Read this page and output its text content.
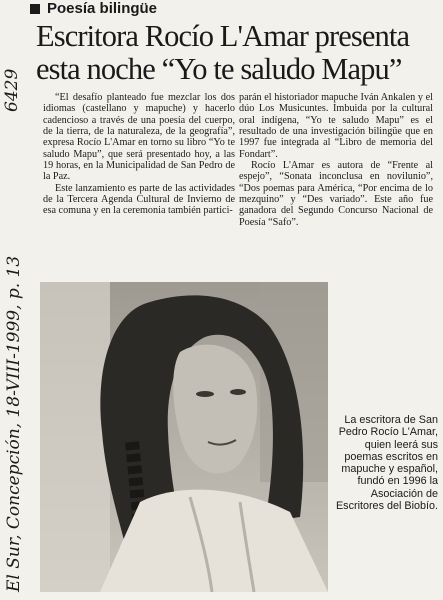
Poesía bilingüe
Escritora Rocío L'Amar presenta esta noche “Yo te saludo Mapu”

“El desafío planteado fue mezclar los dos idiomas (castellano y mapuche) y hacerlo cadencioso a través de una poesía del cuerpo, de la tierra, de la naturaleza, de la geografía”, expresa Rocío L'Amar en torno su libro “Yo te saludo Mapu”, que será presentado hoy, a las 19 horas, en la Municipalidad de San Pedro de la Paz.

Este lanzamiento es parte de las actividades de la Tercera Agenda Cultural de Invierno de esa comuna y en la ceremonia también partici-

parán el historiador mapuche Iván Ankalen y el dúo Los Musicuntes. Imbuida por la cultural oral indígena, “Yo te saludo Mapu” es el resultado de una investigación bilingüe que en 1997 fue integrada al “Libro de memoria del Fondart”.

Rocío L'Amar es autora de “Frente al espejo”, “Sonata inconclusa en novilunio”, “Dos poemas para América, “Por encima de lo mezquino” y “Des variado”. Este año fue ganadora del Segundo Concurso Nacional de Poesía “Safo”.

La escritora de San Pedro Rocío L'Amar, quien leerá sus poemas escritos en mapuche y español, fundó en 1996 la Asociación de Escritores del Biobío.
6429
El Sur, Concepción, 18-VIII-1999, p. 13
